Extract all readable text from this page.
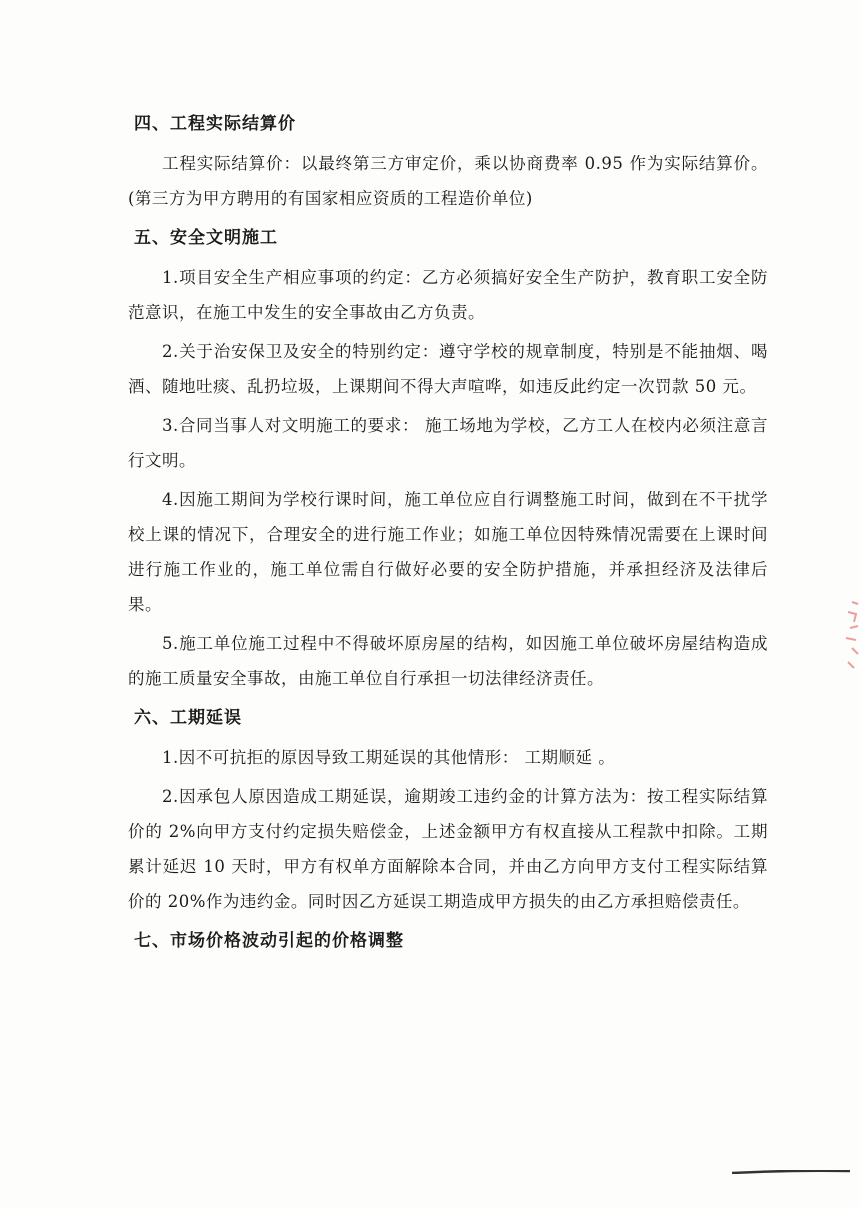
四、工程实际结算价

工程实际结算价：以最终第三方审定价，乘以协商费率 0.95 作为实际结算价。(第三方为甲方聘用的有国家相应资质的工程造价单位)

五、安全文明施工

1.项目安全生产相应事项的约定：乙方必须搞好安全生产防护，教育职工安全防范意识，在施工中发生的安全事故由乙方负责。

2.关于治安保卫及安全的特别约定：遵守学校的规章制度，特别是不能抽烟、喝酒、随地吐痰、乱扔垃圾，上课期间不得大声喧哗，如违反此约定一次罚款 50 元。

3.合同当事人对文明施工的要求： 施工场地为学校，乙方工人在校内必须注意言行文明。

4.因施工期间为学校行课时间，施工单位应自行调整施工时间，做到在不干扰学校上课的情况下，合理安全的进行施工作业；如施工单位因特殊情况需要在上课时间进行施工作业的，施工单位需自行做好必要的安全防护措施，并承担经济及法律后果。

5.施工单位施工过程中不得破坏原房屋的结构，如因施工单位破坏房屋结构造成的施工质量安全事故，由施工单位自行承担一切法律经济责任。

六、工期延误

1.因不可抗拒的原因导致工期延误的其他情形： 工期顺延 。

2.因承包人原因造成工期延误，逾期竣工违约金的计算方法为：按工程实际结算价的 2%向甲方支付约定损失赔偿金，上述金额甲方有权直接从工程款中扣除。工期累计延迟 10 天时，甲方有权单方面解除本合同，并由乙方向甲方支付工程实际结算价的 20%作为违约金。同时因乙方延误工期造成甲方损失的由乙方承担赔偿责任。

七、市场价格波动引起的价格调整
